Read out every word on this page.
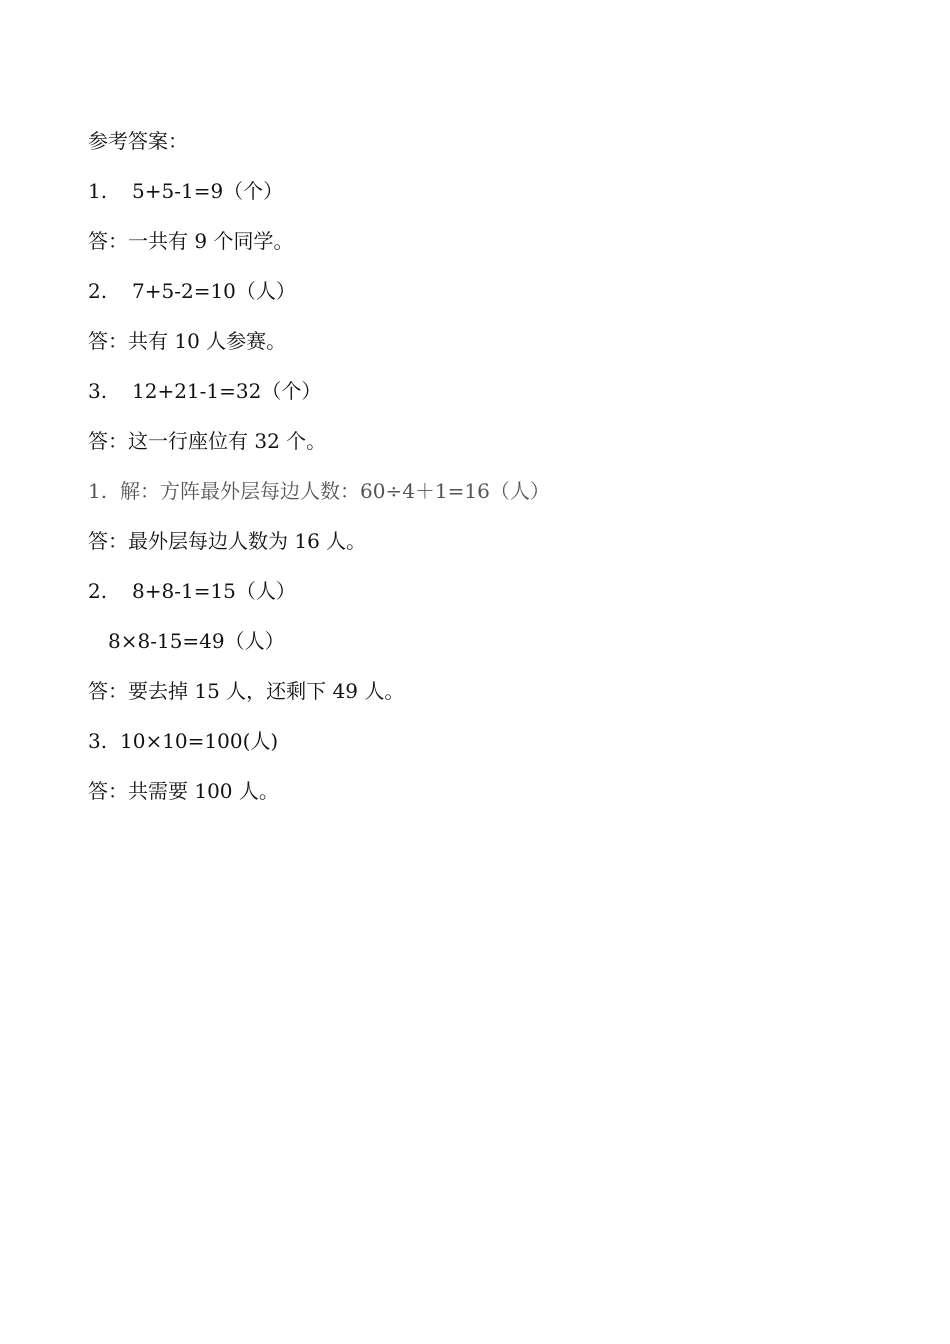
参考答案：
1. 5+5-1=9（个）
答：一共有 9 个同学。
2. 7+5-2=10（人）
答：共有 10 人参赛。
3. 12+21-1=32（个）
答：这一行座位有 32 个。
1. 解：方阵最外层每边人数：60÷4＋1=16（人）
答：最外层每边人数为 16 人。
2. 8+8-1=15（人）
8×8-15=49（人）
答：要去掉 15 人，还剩下 49 人。
3. 10×10=100(人)
答：共需要 100 人。
